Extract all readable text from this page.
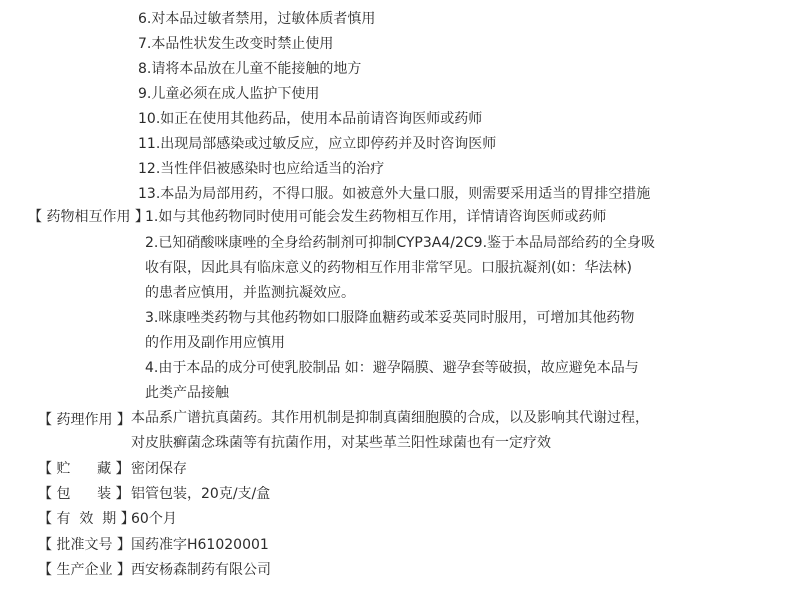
6.对本品过敏者禁用，过敏体质者慎用
7.本品性状发生改变时禁止使用
8.请将本品放在儿童不能接触的地方
9.儿童必须在成人监护下使用
10.如正在使用其他药品，使用本品前请咨询医师或药师
11.出现局部感染或过敏反应，应立即停药并及时咨询医师
12.当性伴侣被感染时也应给适当的治疗
13.本品为局部用药，不得口服。如被意外大量口服，则需要采用适当的胃排空措施
【 药物相互作用 】
1.如与其他药物同时使用可能会发生药物相互作用，详情请咨询医师或药师
2.已知硝酸咪康唑的全身给药制剂可抑制CYP3A4/2C9.鉴于本品局部给药的全身吸
收有限，因此具有临床意义的药物相互作用非常罕见。口服抗凝剂(如：华法林)
的患者应慎用，并监测抗凝效应。
3.咪康唑类药物与其他药物如口服降血糖药或苯妥英同时服用，可增加其他药物
的作用及副作用应慎用
4.由于本品的成分可使乳胶制品 如：避孕隔膜、避孕套等破损，故应避免本品与
此类产品接触
【 药理作用 】 本品系广谱抗真菌药。其作用机制是抑制真菌细胞膜的合成，以及影响其代谢过程，
对皮肤癣菌念珠菌等有抗菌作用，对某些革兰阳性球菌也有一定疗效
【 贮      藏 】 密闭保存
【 包      装 】 铝管包装，20克/支/盒
【 有  效  期 】
60个月
【 批准文号 】 国药准字H61020001
【 生产企业 】 西安杨森制药有限公司
